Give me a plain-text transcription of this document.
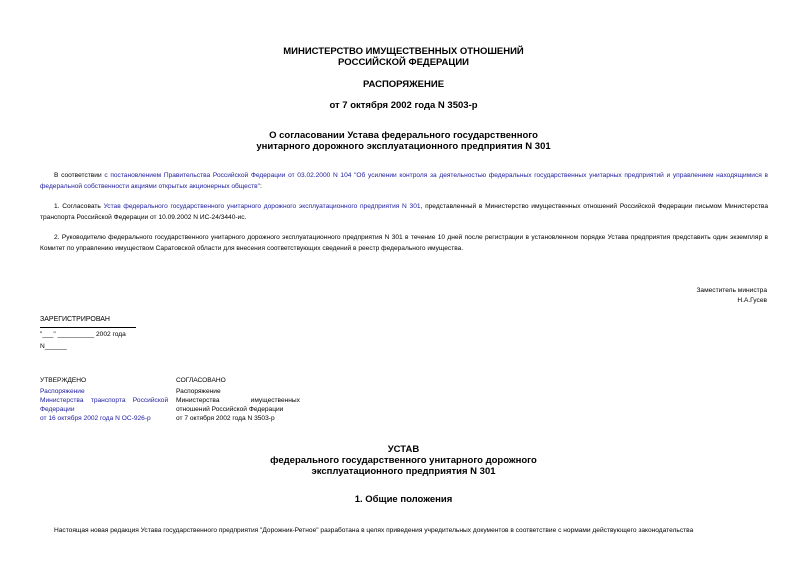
МИНИСТЕРСТВО ИМУЩЕСТВЕННЫХ ОТНОШЕНИЙ
РОССИЙСКОЙ ФЕДЕРАЦИИ
РАСПОРЯЖЕНИЕ
от 7 октября 2002 года N 3503-р
О согласовании Устава федерального государственного
унитарного дорожного эксплуатационного предприятия N 301
В соответствии с постановлением Правительства Российской Федерации от 03.02.2000 N 104 "Об усилении контроля за деятельностью федеральных государственных унитарных предприятий и управлением находящимися в федеральной собственности акциями открытых акционерных обществ":
1. Согласовать Устав федерального государственного унитарного дорожного эксплуатационного предприятия N 301, представленный в Министерство имущественных отношений Российской Федерации письмом Министерства транспорта Российской Федерации от 10.09.2002 N ИС-24/3440-ис.
2. Руководителю федерального государственного унитарного дорожного эксплуатационного предприятия N 301 в течение 10 дней после регистрации в установленном порядке Устава предприятия представить один экземпляр в Комитет по управлению имуществом Саратовской области для внесения соответствующих сведений в реестр федерального имущества.
Заместитель министра
Н.А.Гусев
ЗАРЕГИСТРИРОВАН
"___" __________ 2002 года
N______
УТВЕРЖДЕНО
Распоряжение
Министерства    транспорта    Российской
Федерации
от 16 октября 2002 года N ОС-926-р
СОГЛАСОВАНО
Распоряжение
Министерства                 имущественных
отношений Российской Федерации
от 7 октября 2002 года N 3503-р
УСТАВ
федерального государственного унитарного дорожного
эксплуатационного предприятия N 301
1. Общие положения
Настоящая новая редакция Устава государственного предприятия "Дорожник-Ретное" разработана в целях приведения учредительных документов в соответствие с нормами действующего законодательства
